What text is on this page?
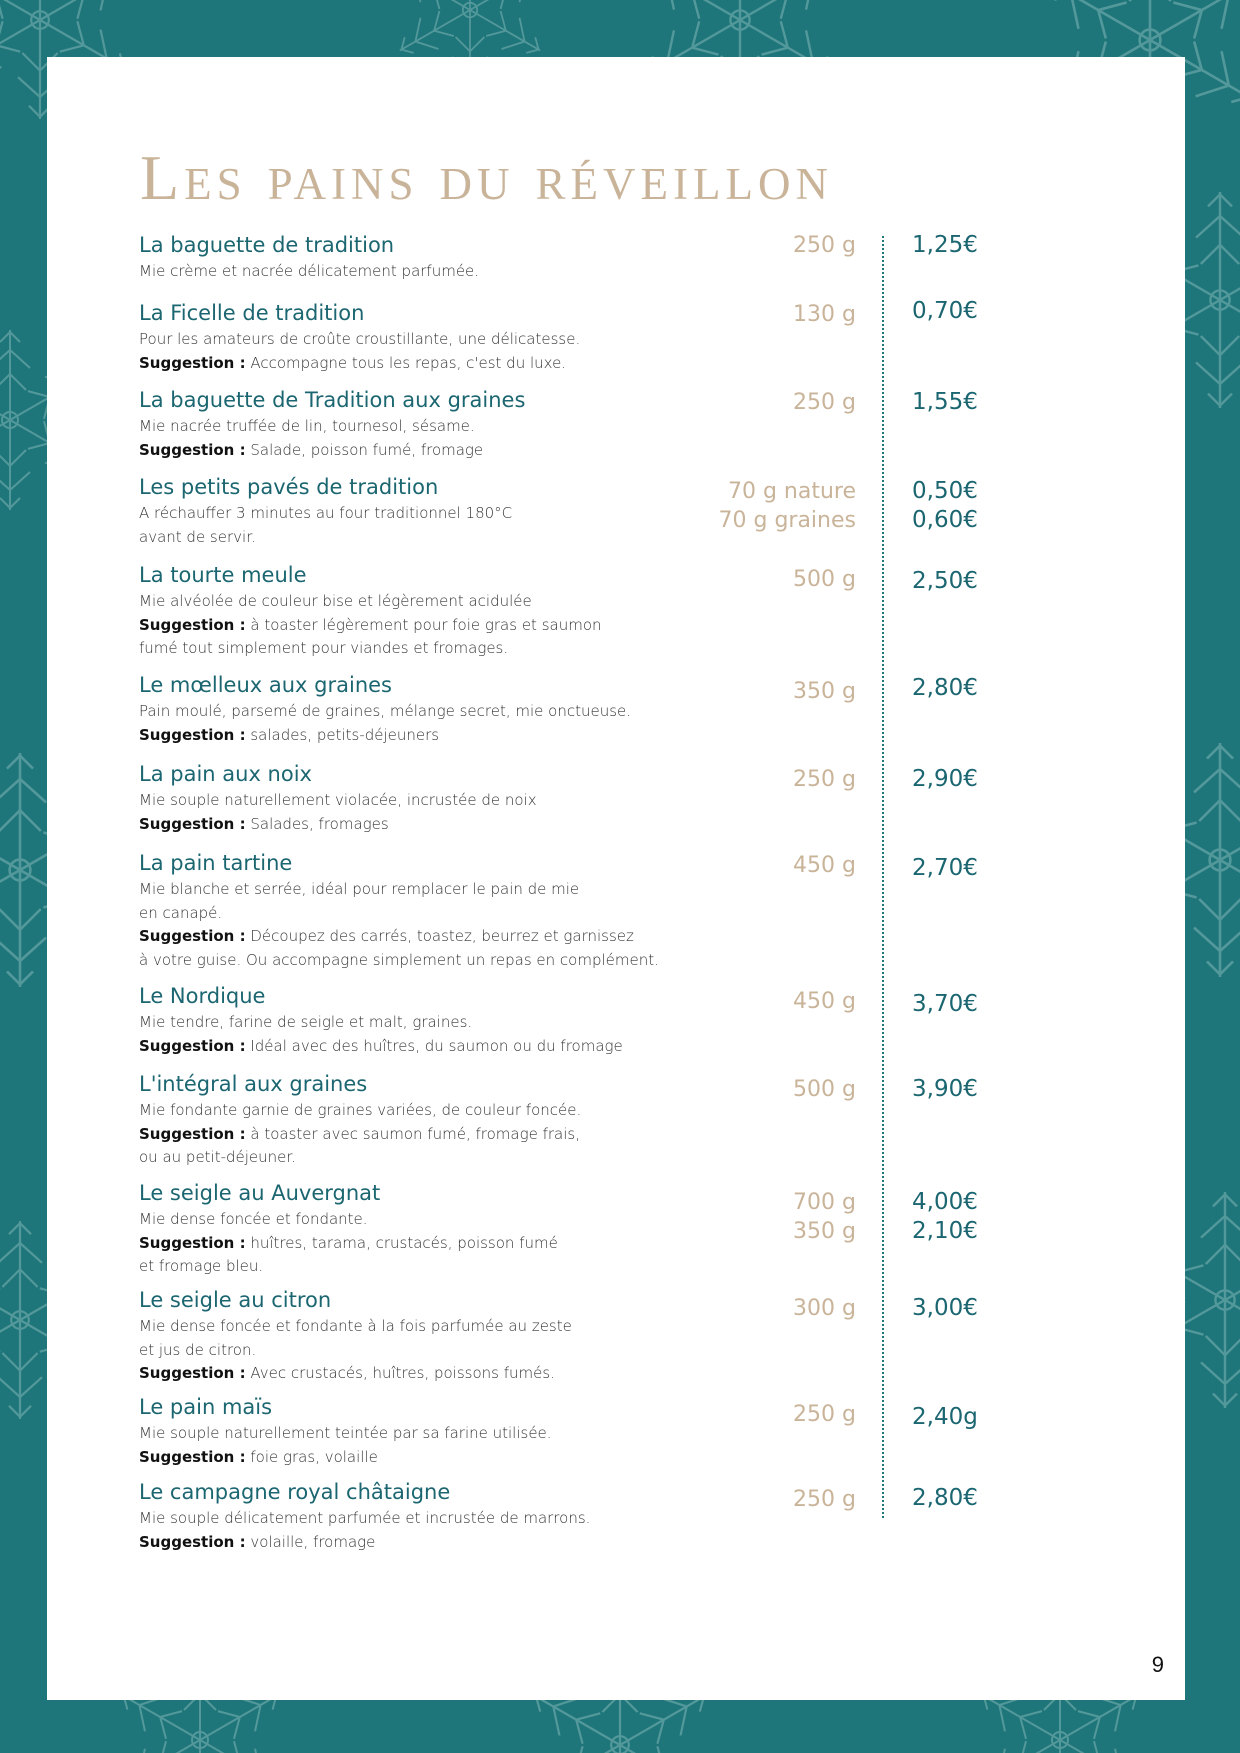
Les pains du réveillon
La baguette de tradition
Mie crème et nacrée délicatement parfumée.
250 g 1,25€
La Ficelle de tradition
Pour les amateurs de croûte croustillante, une délicatesse.
Suggestion : Accompagne tous les repas, c'est du luxe.
130 g 0,70€
La baguette de Tradition aux graines
Mie nacrée truffée de lin, tournesol, sésame.
Suggestion : Salade, poisson fumé, fromage
250 g 1,55€
Les petits pavés de tradition
A réchauffer 3 minutes au four traditionnel 180°C
avant de servir.
70 g nature
70 g graines
0,50€
0,60€
La tourte meule
Mie alvéolée de couleur bise et légèrement acidulée
Suggestion : à toaster légèrement pour foie gras et saumon
fumé tout simplement pour viandes et fromages.
500 g 2,50€
Le mœlleux aux graines
Pain moulé, parsemé de graines, mélange secret, mie onctueuse.
Suggestion : salades, petits-déjeuners
350 g 2,80€
La pain aux noix
Mie souple naturellement violacée, incrustée de noix
Suggestion : Salades, fromages
250 g 2,90€
La pain tartine
Mie blanche et serrée, idéal pour remplacer le pain de mie
en canapé.
Suggestion : Découpez des carrés, toastez, beurrez et garnissez
à votre guise. Ou accompagne simplement un repas en complément.
450 g 2,70€
Le Nordique
Mie tendre, farine de seigle et malt, graines.
Suggestion : Idéal avec des huîtres, du saumon ou du fromage
450 g 3,70€
L'intégral aux graines
Mie fondante garnie de graines variées, de couleur foncée.
Suggestion : à toaster avec saumon fumé, fromage frais,
ou au petit-déjeuner.
500 g 3,90€
Le seigle au Auvergnat
Mie dense foncée et fondante.
Suggestion : huîtres, tarama, crustacés, poisson fumé
et fromage bleu.
700 g
350 g
4,00€
2,10€
Le seigle au citron
Mie dense foncée et fondante à la fois parfumée au zeste
et jus de citron.
Suggestion : Avec crustacés, huîtres, poissons fumés.
300 g 3,00€
Le pain maïs
Mie souple naturellement teintée par sa farine utilisée.
Suggestion : foie gras, volaille
250 g 2,40g
Le campagne royal châtaigne
Mie souple délicatement parfumée et incrustée de marrons.
Suggestion : volaille, fromage
250 g 2,80€
9
